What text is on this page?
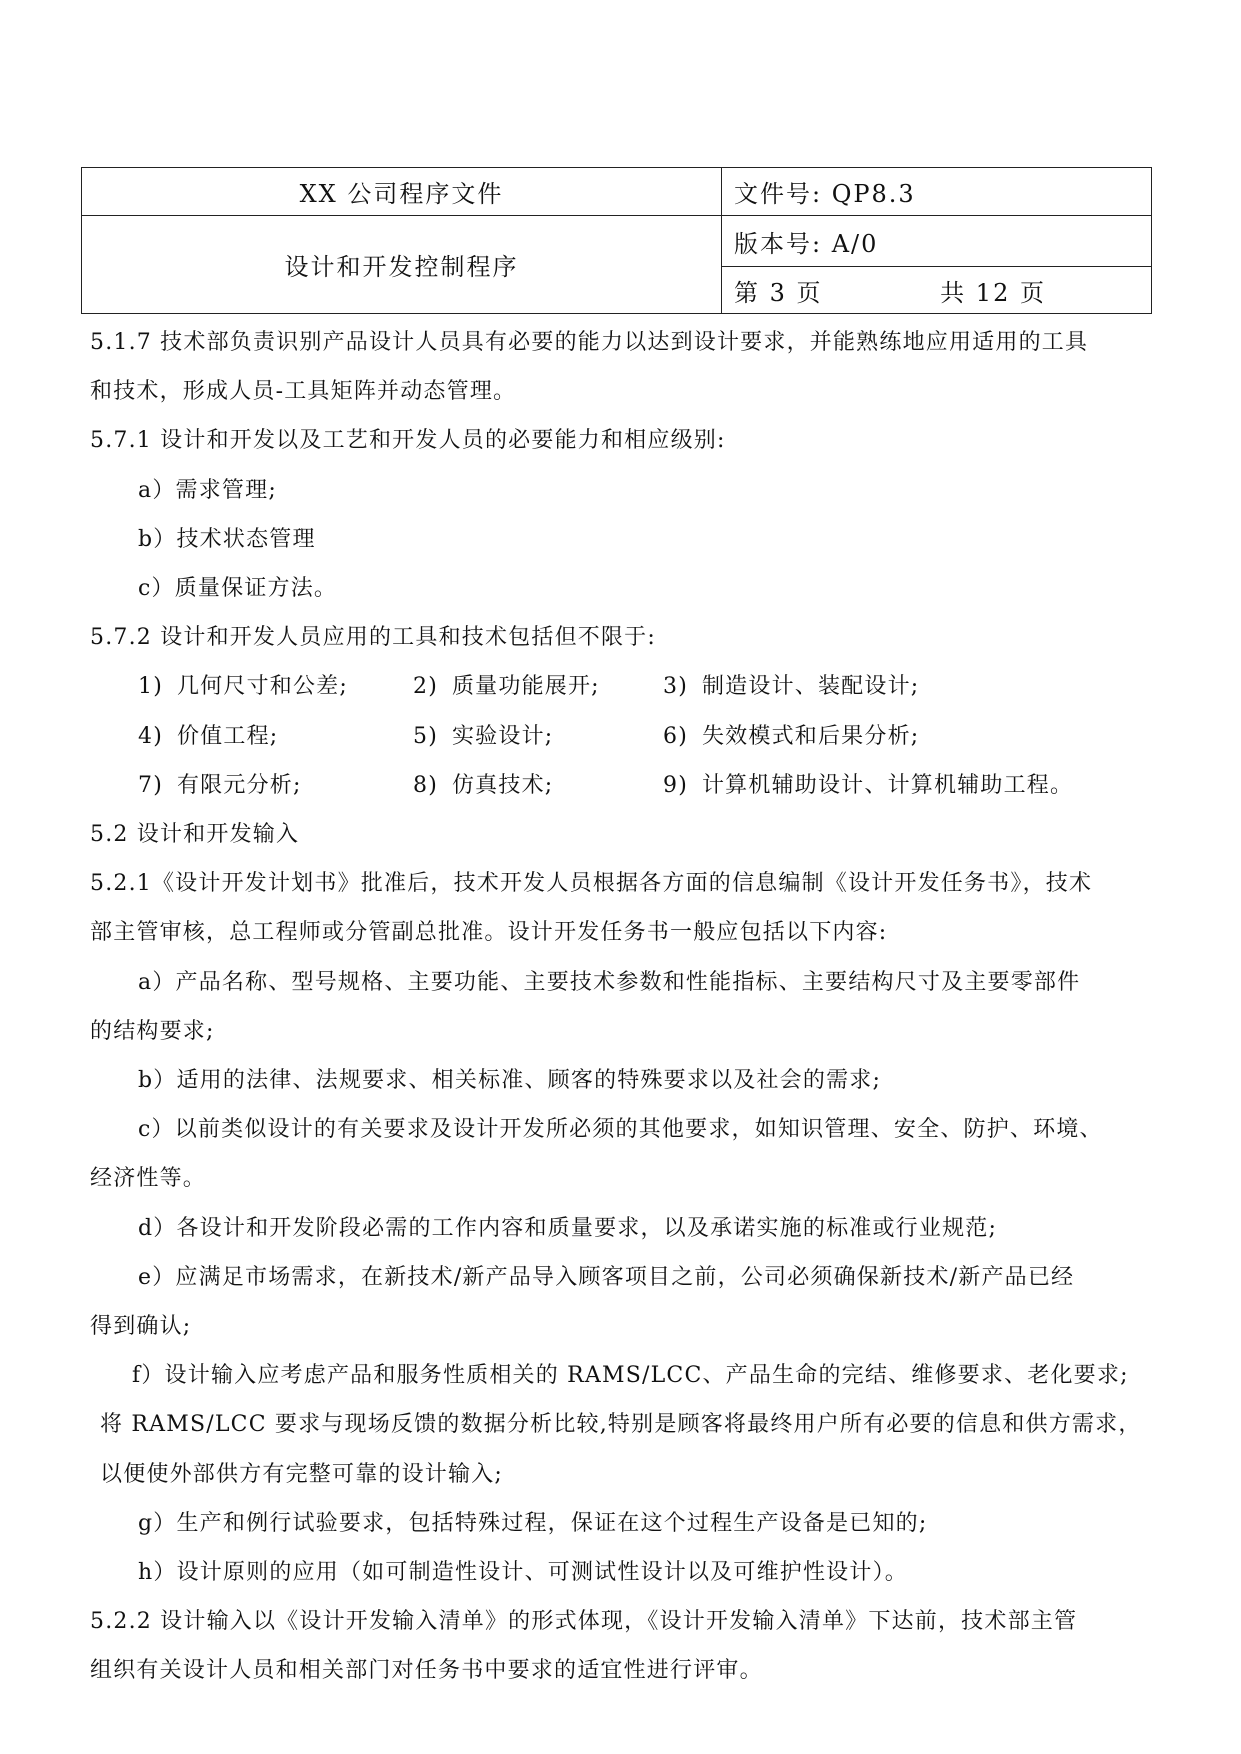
XX 公司程序文件	文件号: QP8.3
设计和开发控制程序	版本号: A/0
	第 3 页 共 12 页

5.1.7 技术部负责识别产品设计人员具有必要的能力以达到设计要求，并能熟练地应用适用的工具

和技术，形成人员-工具矩阵并动态管理。

5.7.1 设计和开发以及工艺和开发人员的必要能力和相应级别:

a）需求管理;

b）技术状态管理

c）质量保证方法。

5.7.2 设计和开发人员应用的工具和技术包括但不限于:

1) 几何尺寸和公差;	2) 质量功能展开;	3) 制造设计、装配设计;
4) 价值工程;	5) 实验设计;	6) 失效模式和后果分析;
7) 有限元分析;	8) 仿真技术;	9) 计算机辅助设计、计算机辅助工程。

5.2 设计和开发输入

5.2.1《设计开发计划书》批准后，技术开发人员根据各方面的信息编制《设计开发任务书》，技术

部主管审核，总工程师或分管副总批准。设计开发任务书一般应包括以下内容:

a）产品名称、型号规格、主要功能、主要技术参数和性能指标、主要结构尺寸及主要零部件

的结构要求;

b）适用的法律、法规要求、相关标准、顾客的特殊要求以及社会的需求;

c）以前类似设计的有关要求及设计开发所必须的其他要求，如知识管理、安全、防护、环境、

经济性等。

d）各设计和开发阶段必需的工作内容和质量要求，以及承诺实施的标准或行业规范;

e）应满足市场需求，在新技术/新产品导入顾客项目之前，公司必须确保新技术/新产品已经

得到确认;

f）设计输入应考虑产品和服务性质相关的 RAMS/LCC、产品生命的完结、维修要求、老化要求;

将 RAMS/LCC 要求与现场反馈的数据分析比较,特别是顾客将最终用户所有必要的信息和供方需求，

以便使外部供方有完整可靠的设计输入;

g）生产和例行试验要求，包括特殊过程，保证在这个过程生产设备是已知的;

h）设计原则的应用（如可制造性设计、可测试性设计以及可维护性设计）。

5.2.2 设计输入以《设计开发输入清单》的形式体现，《设计开发输入清单》下达前，技术部主管

组织有关设计人员和相关部门对任务书中要求的适宜性进行评审。
